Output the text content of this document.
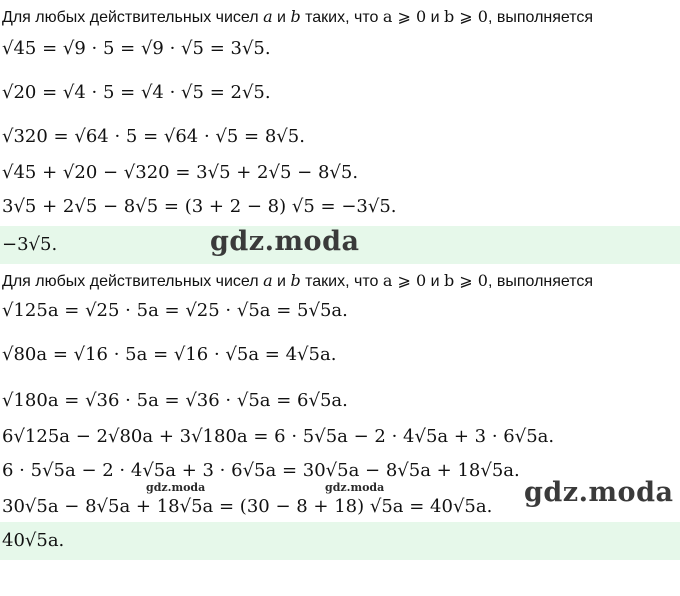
Для любых действительных чисел a и b таких, что a ⩾ 0 и b ⩾ 0, выполняется
√45 = √9 · 5 = √9 · √5 = 3√5.
√20 = √4 · 5 = √4 · √5 = 2√5.
√320 = √64 · 5 = √64 · √5 = 8√5.
√45 + √20 − √320 = 3√5 + 2√5 − 8√5.
3√5 + 2√5 − 8√5 = (3 + 2 − 8) √5 = −3√5.
−3√5.	gdz.moda
Для любых действительных чисел a и b таких, что a ⩾ 0 и b ⩾ 0, выполняется
√125a = √25 · 5a = √25 · √5a = 5√5a.
√80a = √16 · 5a = √16 · √5a = 4√5a.
√180a = √36 · 5a = √36 · √5a = 6√5a.
6√125a − 2√80a + 3√180a = 6 · 5√5a − 2 · 4√5a + 3 · 6√5a.
6 · 5√5a − 2 · 4√5a + 3 · 6√5a = 30√5a − 8√5a + 18√5a.
30√5a − 8√5a + 18√5a = (30 − 8 + 18) √5a = 40√5a.
40√5a.
gdz.moda	gdz.moda	gdz.moda
